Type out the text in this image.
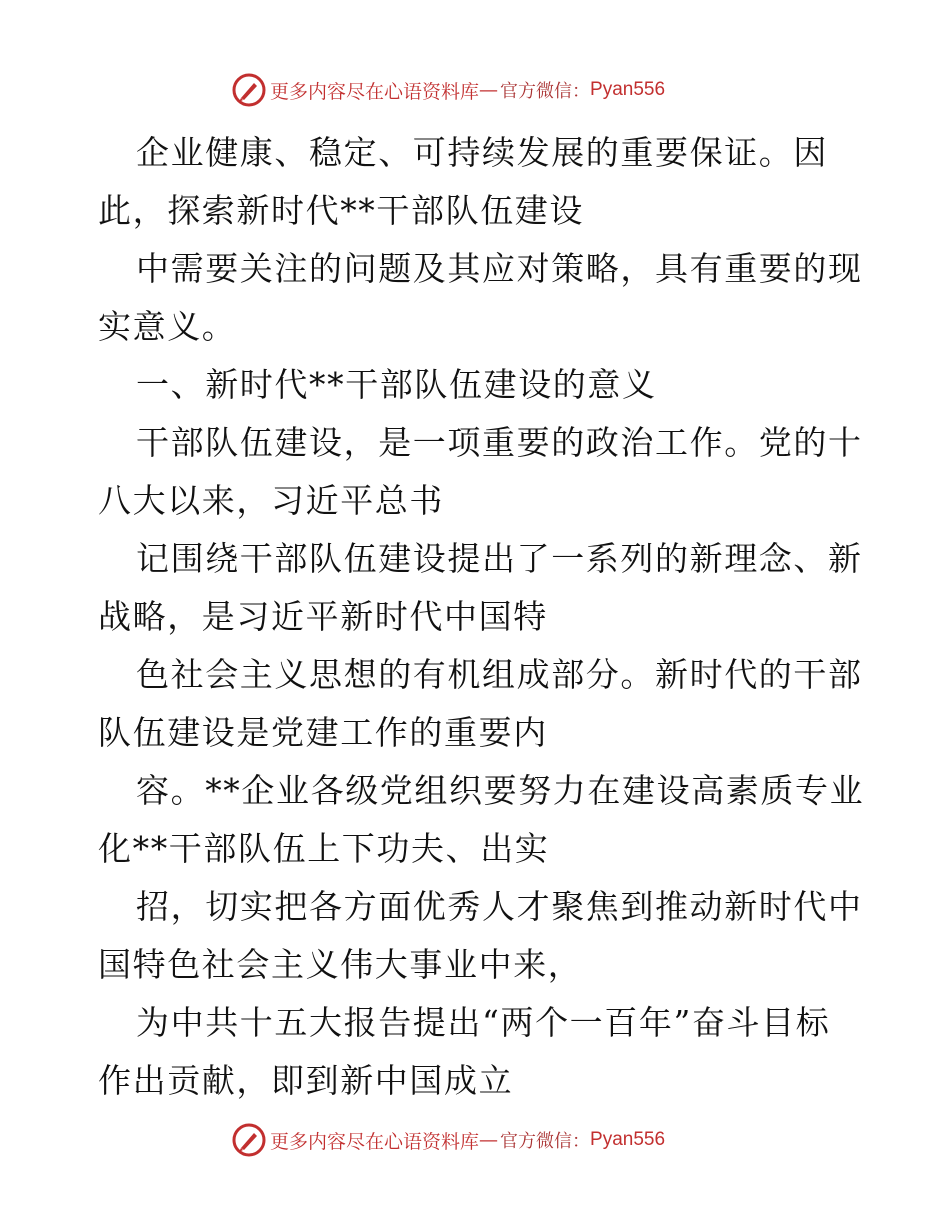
更多内容尽在心语资料库 — 官方微信： Pyan556
企业健康、稳定、可持续发展的重要保证。因
此，探索新时代**干部队伍建设
中需要关注的问题及其应对策略，具有重要的现
实意义。
一、新时代**干部队伍建设的意义
干部队伍建设，是一项重要的政治工作。党的十
八大以来，习近平总书
记围绕干部队伍建设提出了一系列的新理念、新
战略，是习近平新时代中国特
色社会主义思想的有机组成部分。新时代的干部
队伍建设是党建工作的重要内
容。**企业各级党组织要努力在建设高素质专业
化**干部队伍上下功夫、出实
招，切实把各方面优秀人才聚焦到推动新时代中
国特色社会主义伟大事业中来，
为中共十五大报告提出“两个一百年”奋斗目标
作出贡献，即到新中国成立
更多内容尽在心语资料库 — 官方微信： Pyan556
